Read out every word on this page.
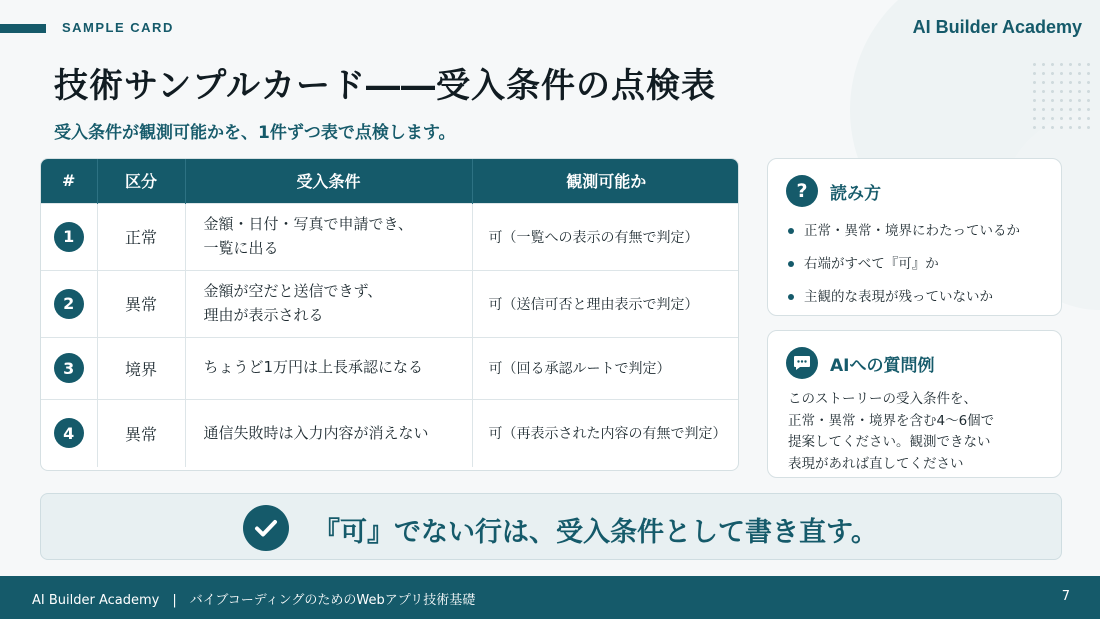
SAMPLE CARD	AI Builder Academy
技術サンプルカード――受入条件の点検表
受入条件が観測可能かを、1件ずつ表で点検します。
#	区分	受入条件	観測可能か
1	正常	金額・日付・写真で申請でき、
一覧に出る	可（一覧への表示の有無で判定）
2	異常	金額が空だと送信できず、
理由が表示される	可（送信可否と理由表示で判定）
3	境界	ちょうど1万円は上長承認になる	可（回る承認ルートで判定）
4	異常	通信失敗時は入力内容が消えない	可（再表示された内容の有無で判定）
?	読み方
正常・異常・境界にわたっているか
右端がすべて『可』か
主観的な表現が残っていないか
AIへの質問例
このストーリーの受入条件を、
正常・異常・境界を含む4〜6個で
提案してください。観測できない
表現があれば直してください
『可』でない行は、受入条件として書き直す。
AI Builder Academy　|　バイブコーディングのためのWebアプリ技術基礎	7
